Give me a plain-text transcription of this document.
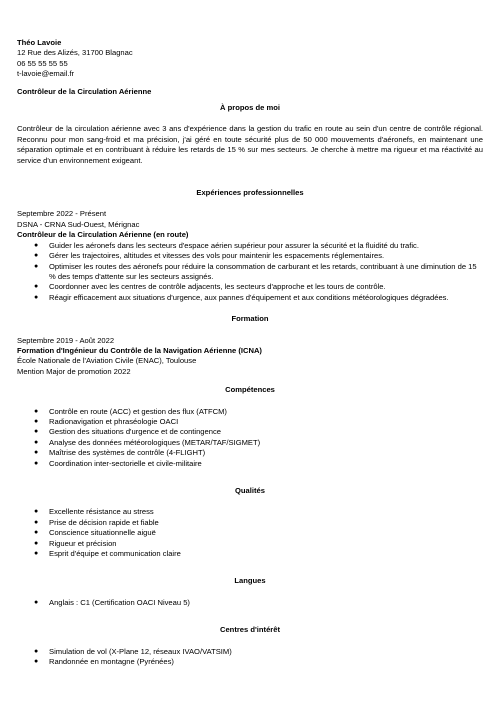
Théo Lavoie
12 Rue des Alizés, 31700 Blagnac
06 55 55 55 55
t-lavoie@email.fr
Contrôleur de la Circulation Aérienne
À propos de moi
Contrôleur de la circulation aérienne avec 3 ans d'expérience dans la gestion du trafic en route au sein d'un centre de contrôle régional. Reconnu pour mon sang-froid et ma précision, j'ai géré en toute sécurité plus de 50 000 mouvements d'aéronefs, en maintenant une séparation optimale et en contribuant à réduire les retards de 15 % sur mes secteurs. Je cherche à mettre ma rigueur et ma réactivité au service d'un environnement exigeant.
Expériences professionnelles
Septembre 2022 - Présent
DSNA - CRNA Sud-Ouest, Mérignac
Contrôleur de la Circulation Aérienne (en route)
● Guider les aéronefs dans les secteurs d'espace aérien supérieur pour assurer la sécurité et la fluidité du trafic.
● Gérer les trajectoires, altitudes et vitesses des vols pour maintenir les espacements réglementaires.
● Optimiser les routes des aéronefs pour réduire la consommation de carburant et les retards, contribuant à une diminution de 15 % des temps d'attente sur les secteurs assignés.
● Coordonner avec les centres de contrôle adjacents, les secteurs d'approche et les tours de contrôle.
● Réagir efficacement aux situations d'urgence, aux pannes d'équipement et aux conditions météorologiques dégradées.
Formation
Septembre 2019 - Août 2022
Formation d'Ingénieur du Contrôle de la Navigation Aérienne (ICNA)
École Nationale de l'Aviation Civile (ENAC), Toulouse
Mention Major de promotion 2022
Compétences
● Contrôle en route (ACC) et gestion des flux (ATFCM)
● Radionavigation et phraséologie OACI
● Gestion des situations d'urgence et de contingence
● Analyse des données météorologiques (METAR/TAF/SIGMET)
● Maîtrise des systèmes de contrôle (4-FLIGHT)
● Coordination inter-sectorielle et civile-militaire
Qualités
● Excellente résistance au stress
● Prise de décision rapide et fiable
● Conscience situationnelle aiguë
● Rigueur et précision
● Esprit d'équipe et communication claire
Langues
● Anglais : C1 (Certification OACI Niveau 5)
Centres d'intérêt
● Simulation de vol (X-Plane 12, réseaux IVAO/VATSIM)
● Randonnée en montagne (Pyrénées)
